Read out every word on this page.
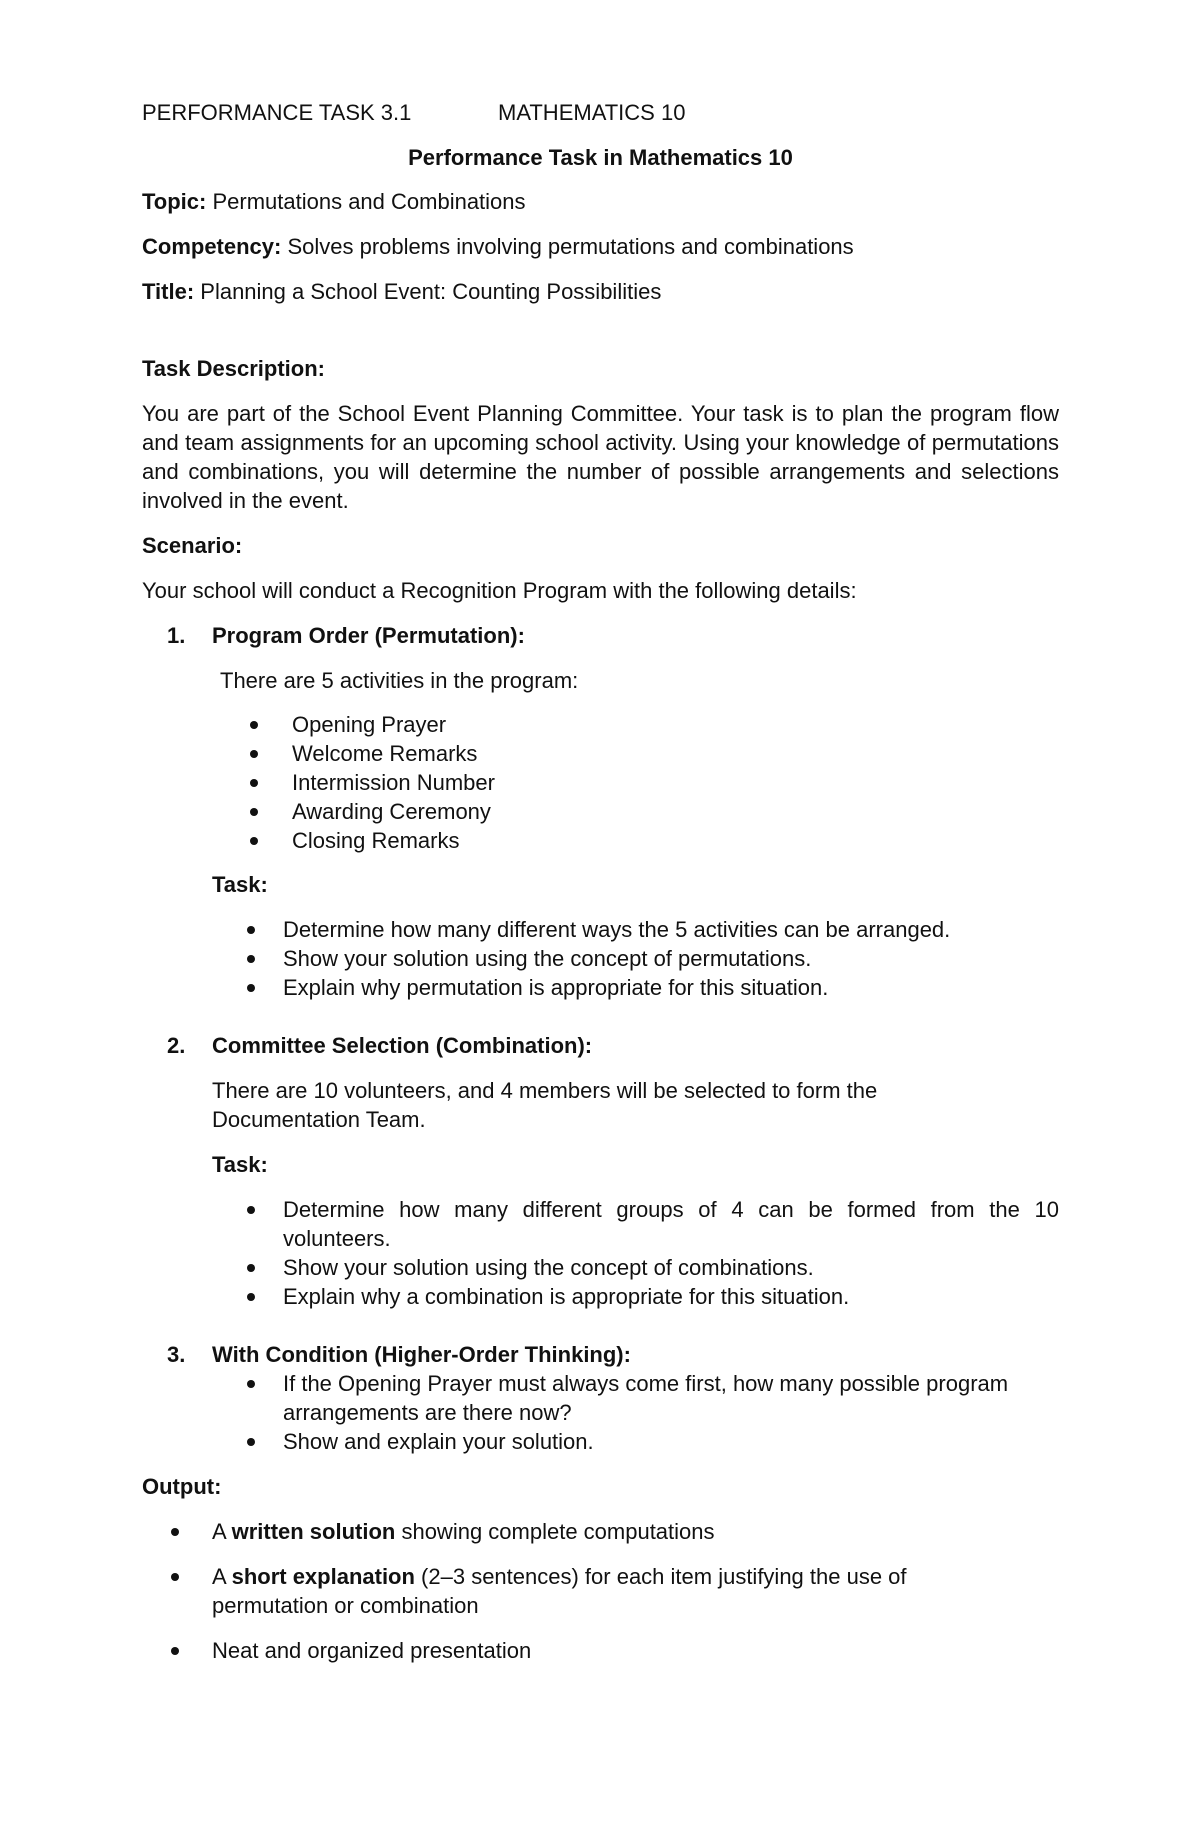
PERFORMANCE TASK 3.1	MATHEMATICS 10

Performance Task in Mathematics 10

Topic: Permutations and Combinations

Competency: Solves problems involving permutations and combinations

Title: Planning a School Event: Counting Possibilities

Task Description:

You are part of the School Event Planning Committee. Your task is to plan the program flow and team assignments for an upcoming school activity. Using your knowledge of permutations and combinations, you will determine the number of possible arrangements and selections involved in the event.

Scenario:

Your school will conduct a Recognition Program with the following details:

1. Program Order (Permutation):

There are 5 activities in the program:

Opening Prayer
Welcome Remarks
Intermission Number
Awarding Ceremony
Closing Remarks

Task:

Determine how many different ways the 5 activities can be arranged.
Show your solution using the concept of permutations.
Explain why permutation is appropriate for this situation.
2. Committee Selection (Combination):

There are 10 volunteers, and 4 members will be selected to form the Documentation Team.

Task:

Determine how many different groups of 4 can be formed from the 10 volunteers.
Show your solution using the concept of combinations.
Explain why a combination is appropriate for this situation.
3. With Condition (Higher-Order Thinking):

If the Opening Prayer must always come first, how many possible program arrangements are there now?
Show and explain your solution.

Output:

A written solution showing complete computations
A short explanation (2–3 sentences) for each item justifying the use of permutation or combination
Neat and organized presentation
